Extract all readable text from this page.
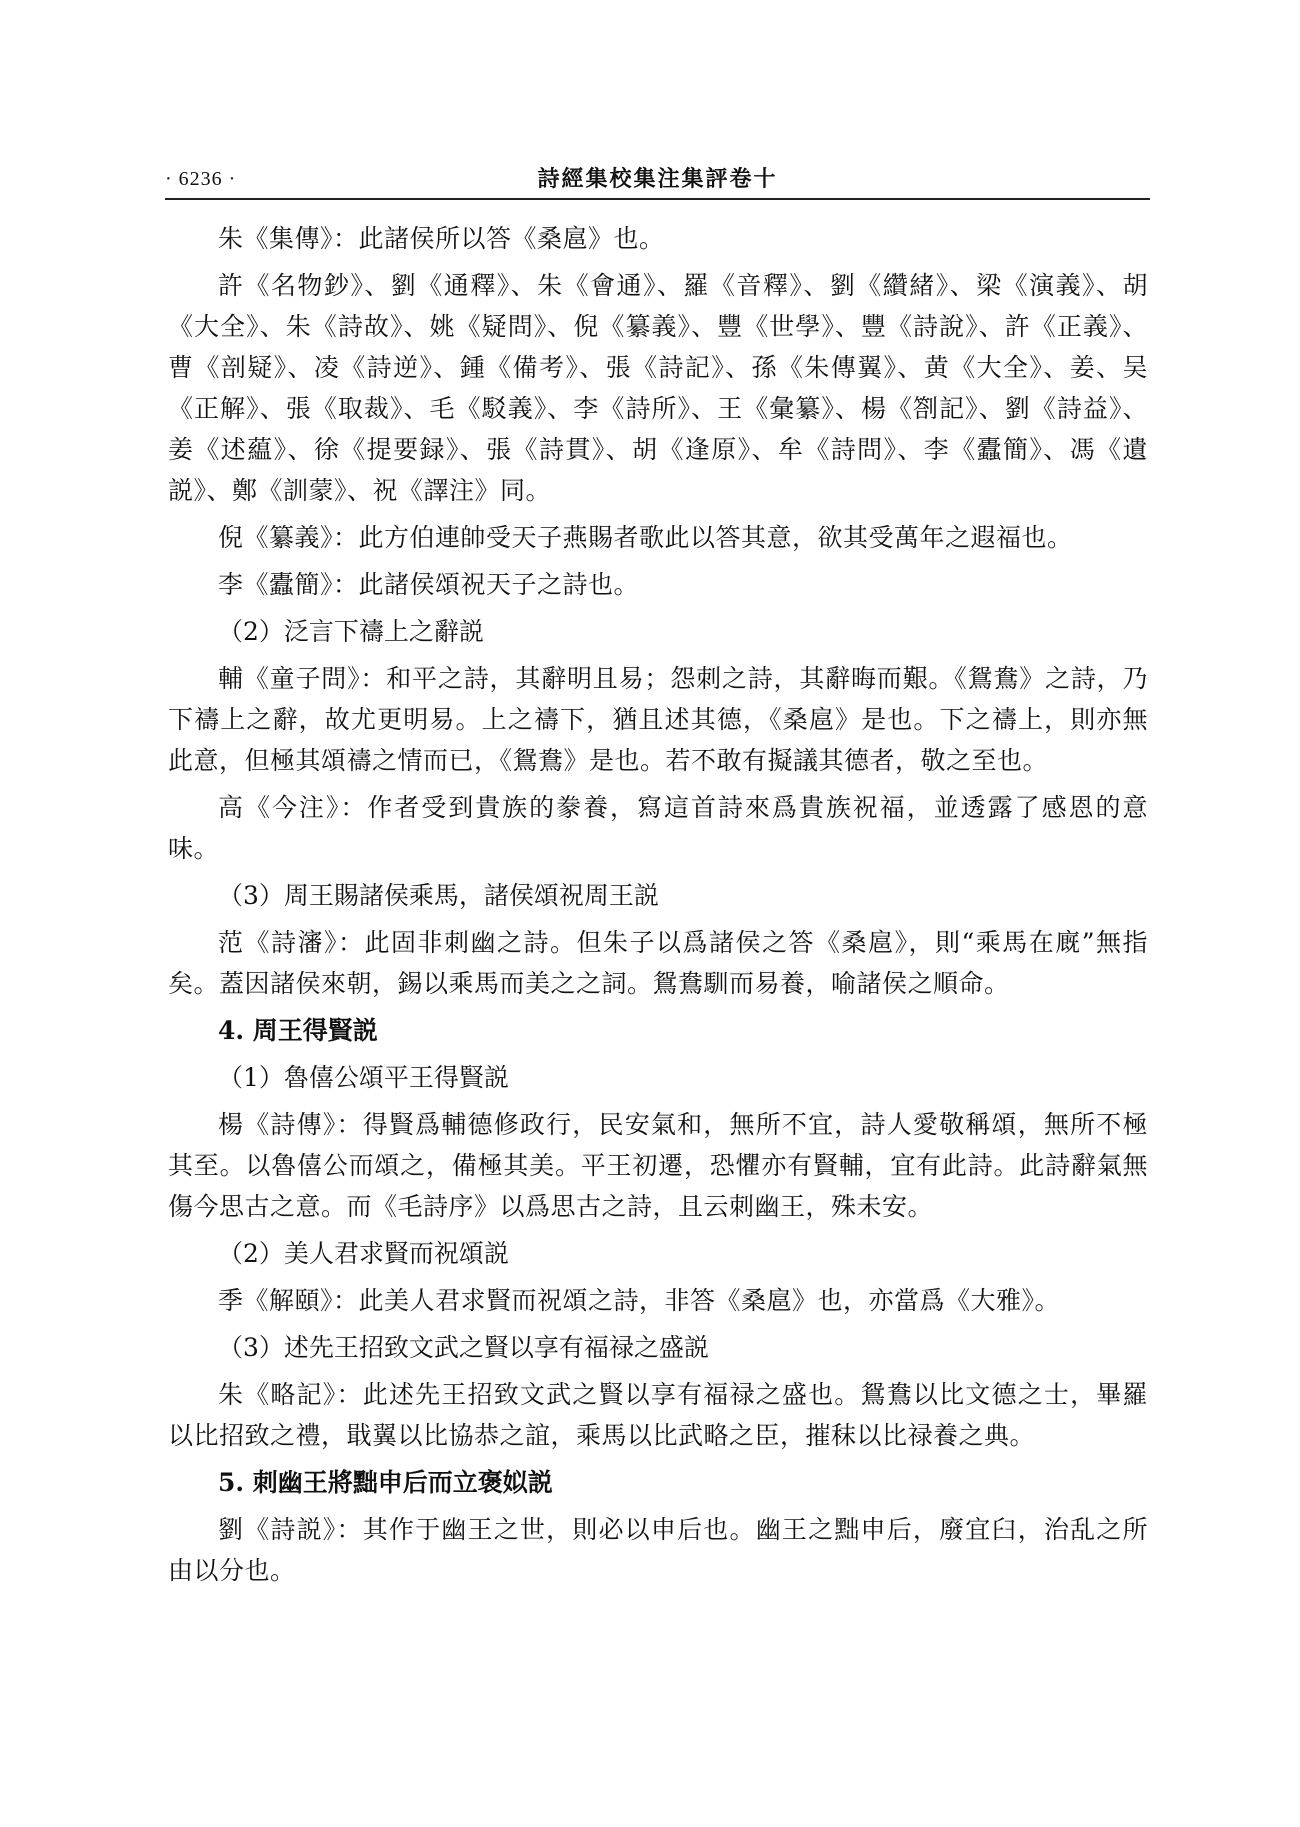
· 6236 ·	詩經集校集注集評卷十

朱《集傳》：此諸侯所以答《桑扈》也。

許《名物鈔》、劉《通釋》、朱《會通》、羅《音釋》、劉《纘緒》、梁《演義》、胡《大全》、朱《詩故》、姚《疑問》、倪《纂義》、豐《世學》、豐《詩說》、許《正義》、曹《剖疑》、凌《詩逆》、鍾《備考》、張《詩記》、孫《朱傳翼》、黄《大全》、姜、吴《正解》、張《取裁》、毛《駁義》、李《詩所》、王《彙纂》、楊《劄記》、劉《詩益》、姜《述藴》、徐《提要録》、張《詩貫》、胡《逢原》、牟《詩問》、李《蠹簡》、馮《遺説》、鄭《訓蒙》、祝《譯注》同。

倪《纂義》：此方伯連帥受天子燕賜者歌此以答其意，欲其受萬年之遐福也。

李《蠹簡》：此諸侯頌祝天子之詩也。

（2）泛言下禱上之辭説

輔《童子問》：和平之詩，其辭明且易；怨刺之詩，其辭晦而艱。《鴛鴦》之詩，乃下禱上之辭，故尤更明易。上之禱下，猶且述其德，《桑扈》是也。下之禱上，則亦無此意，但極其頌禱之情而已，《鴛鴦》是也。若不敢有擬議其德者，敬之至也。

高《今注》：作者受到貴族的豢養，寫這首詩來爲貴族祝福，並透露了感恩的意味。

（3）周王賜諸侯乘馬，諸侯頌祝周王説

范《詩瀋》：此固非刺幽之詩。但朱子以爲諸侯之答《桑扈》，則“乘馬在廐”無指矣。蓋因諸侯來朝，錫以乘馬而美之之詞。鴛鴦馴而易養，喻諸侯之順命。

4. 周王得賢説

（1）魯僖公頌平王得賢説

楊《詩傳》：得賢爲輔德修政行，民安氣和，無所不宜，詩人愛敬稱頌，無所不極其至。以魯僖公而頌之，備極其美。平王初遷，恐懼亦有賢輔，宜有此詩。此詩辭氣無傷今思古之意。而《毛詩序》以爲思古之詩，且云刺幽王，殊未安。

（2）美人君求賢而祝頌説

季《解頤》：此美人君求賢而祝頌之詩，非答《桑扈》也，亦當爲《大雅》。

（3）述先王招致文武之賢以享有福禄之盛説

朱《略記》：此述先王招致文武之賢以享有福禄之盛也。鴛鴦以比文德之士，畢羅以比招致之禮，戢翼以比協恭之誼，乘馬以比武略之臣，摧秣以比禄養之典。

5. 刺幽王將黜申后而立褒姒説

劉《詩説》：其作于幽王之世，則必以申后也。幽王之黜申后，廢宜臼，治乱之所由以分也。
